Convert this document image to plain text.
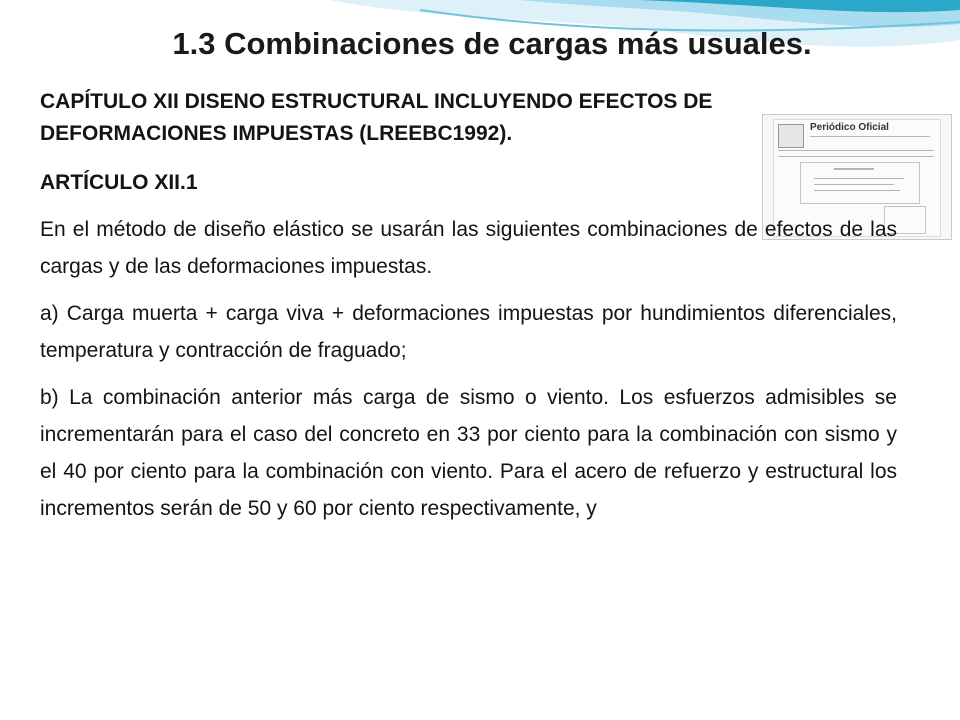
1.3 Combinaciones de cargas más usuales.
Periódico Oficial

CAPÍTULO XII DISENO ESTRUCTURAL INCLUYENDO EFECTOS DE DEFORMACIONES IMPUESTAS (LREEBC1992).

ARTÍCULO XII.1

En el método de diseño elástico se usarán las siguientes combinaciones de efectos de las cargas y de las deformaciones impuestas.

a) Carga muerta + carga viva + deformaciones impuestas por hundimientos diferenciales, temperatura y contracción de fraguado;

b) La combinación anterior más carga de sismo o viento. Los esfuerzos admisibles se incrementarán para el caso del concreto en 33 por ciento para la combinación con sismo y el 40 por ciento para la combinación con viento. Para el acero de refuerzo y estructural los incrementos serán de 50 y 60 por ciento respectivamente, y
